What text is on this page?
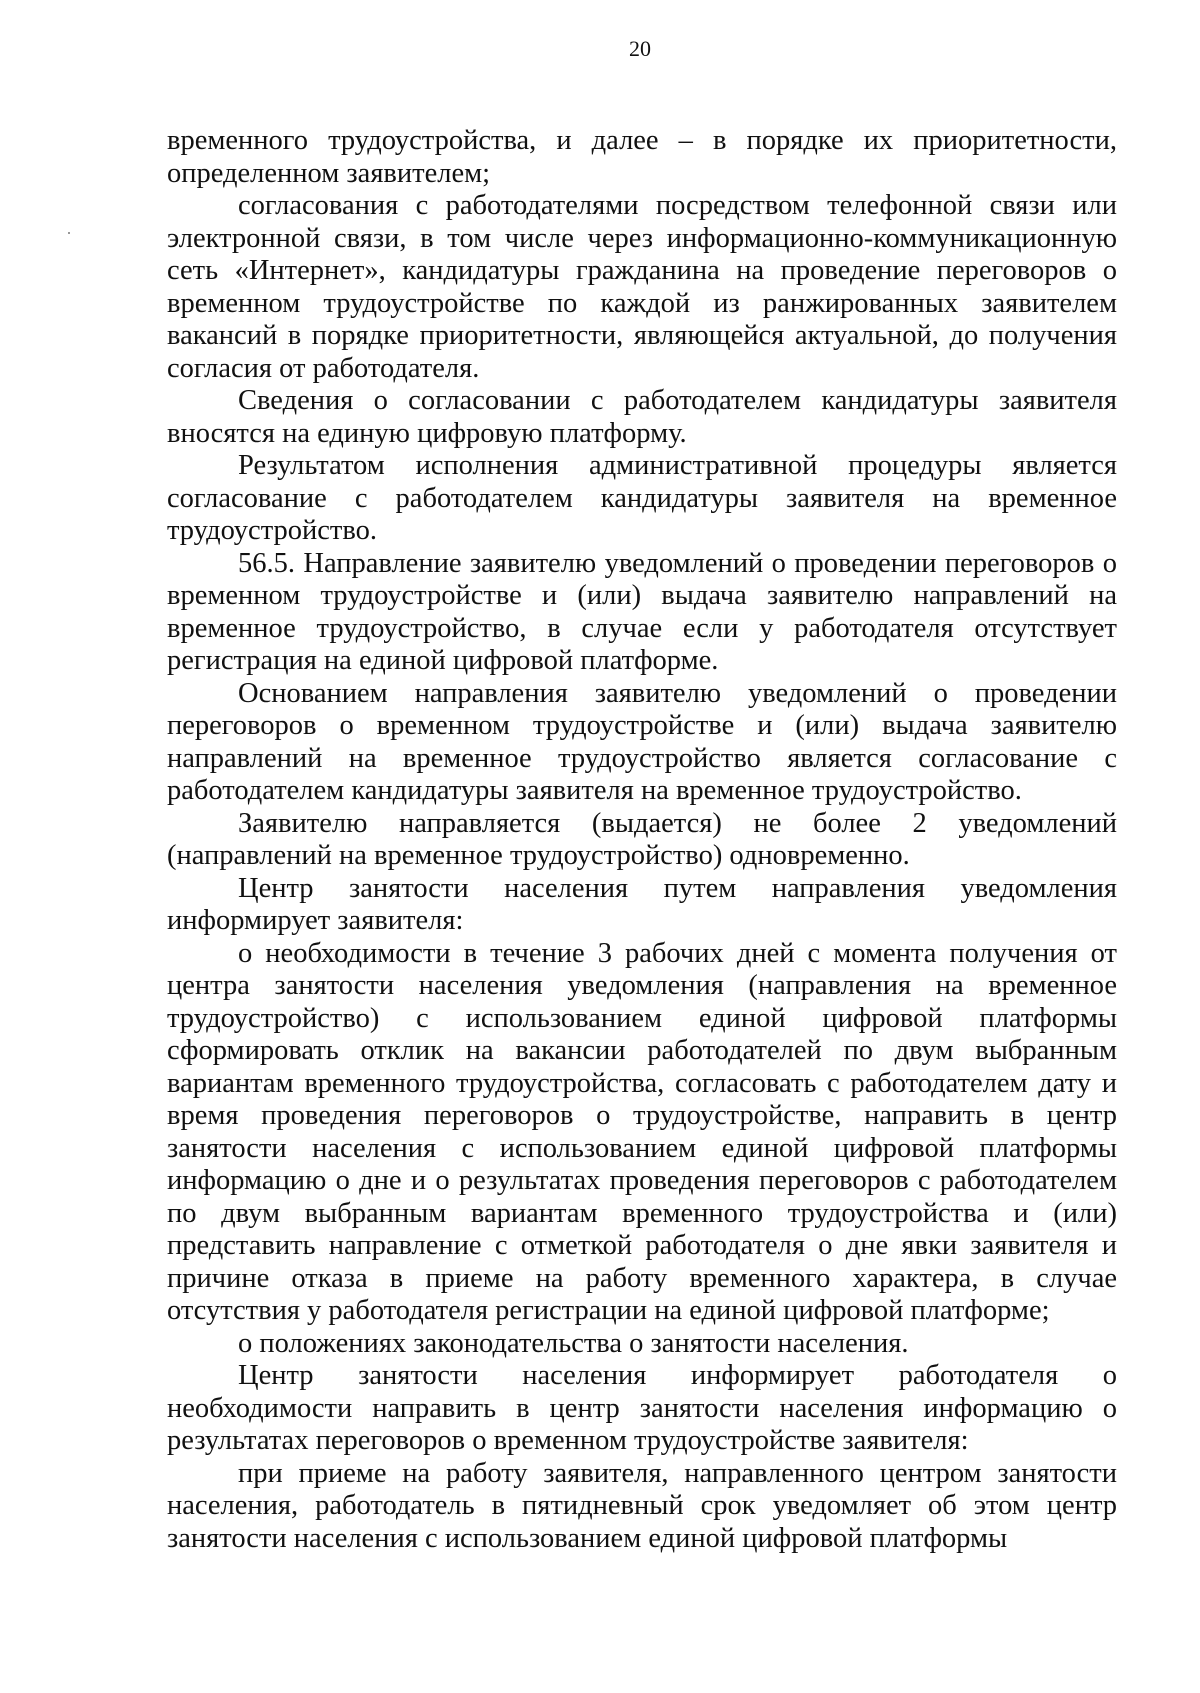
20

временного трудоустройства, и далее – в порядке их приоритетности, определенном заявителем;

согласования с работодателями посредством телефонной связи или электронной связи, в том числе через информационно-коммуникационную сеть «Интернет», кандидатуры гражданина на проведение переговоров о временном трудоустройстве по каждой из ранжированных заявителем вакансий в порядке приоритетности, являющейся актуальной, до получения согласия от работодателя.

Сведения о согласовании с работодателем кандидатуры заявителя вносятся на единую цифровую платформу.

Результатом исполнения административной процедуры является согласование с работодателем кандидатуры заявителя на временное трудоустройство.

56.5. Направление заявителю уведомлений о проведении переговоров о временном трудоустройстве и (или) выдача заявителю направлений на временное трудоустройство, в случае если у работодателя отсутствует регистрация на единой цифровой платформе.

Основанием направления заявителю уведомлений о проведении переговоров о временном трудоустройстве и (или) выдача заявителю направлений на временное трудоустройство является согласование с работодателем кандидатуры заявителя на временное трудоустройство.

Заявителю направляется (выдается) не более 2 уведомлений (направлений на временное трудоустройство) одновременно.

Центр занятости населения путем направления уведомления информирует заявителя:

о необходимости в течение 3 рабочих дней с момента получения от центра занятости населения уведомления (направления на временное трудоустройство) с использованием единой цифровой платформы сформировать отклик на вакансии работодателей по двум выбранным вариантам временного трудоустройства, согласовать с работодателем дату и время проведения переговоров о трудоустройстве, направить в центр занятости населения с использованием единой цифровой платформы информацию о дне и о результатах проведения переговоров с работодателем по двум выбранным вариантам временного трудоустройства и (или) представить направление с отметкой работодателя о дне явки заявителя и причине отказа в приеме на работу временного характера, в случае отсутствия у работодателя регистрации на единой цифровой платформе;

о положениях законодательства о занятости населения.

Центр занятости населения информирует работодателя о необходимости направить в центр занятости населения информацию о результатах переговоров о временном трудоустройстве заявителя:

при приеме на работу заявителя, направленного центром занятости населения, работодатель в пятидневный срок уведомляет об этом центр занятости населения с использованием единой цифровой платформы
